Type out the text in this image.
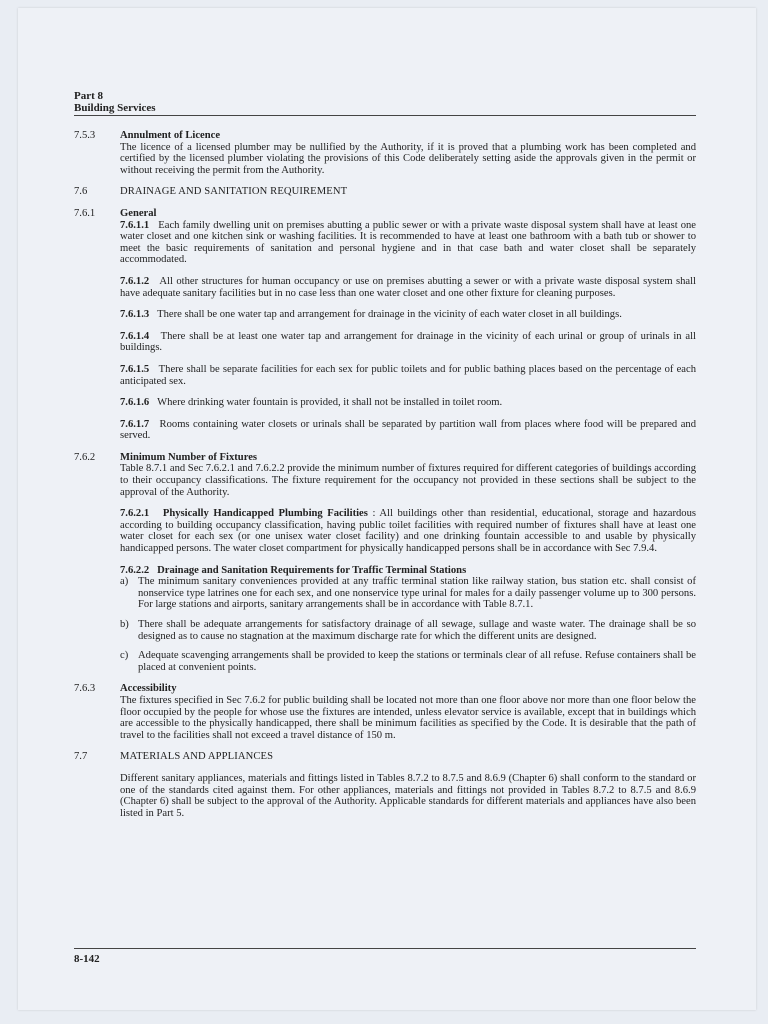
Part 8
Building Services
7.5.3	Annulment of Licence
The licence of a licensed plumber may be nullified by the Authority, if it is proved that a plumbing work has been completed and certified by the licensed plumber violating the provisions of this Code deliberately setting aside the approvals given in the permit or without receiving the permit from the Authority.
7.6	DRAINAGE AND SANITATION REQUIREMENT
7.6.1	General
7.6.1.1 Each family dwelling unit on premises abutting a public sewer or with a private waste disposal system shall have at least one water closet and one kitchen sink or washing facilities. It is recommended to have at least one bathroom with a bath tub or shower to meet the basic requirements of sanitation and personal hygiene and in that case bath and water closet shall be separately accommodated.
7.6.1.2 All other structures for human occupancy or use on premises abutting a sewer or with a private waste disposal system shall have adequate sanitary facilities but in no case less than one water closet and one other fixture for cleaning purposes.
7.6.1.3 There shall be one water tap and arrangement for drainage in the vicinity of each water closet in all buildings.
7.6.1.4 There shall be at least one water tap and arrangement for drainage in the vicinity of each urinal or group of urinals in all buildings.
7.6.1.5 There shall be separate facilities for each sex for public toilets and for public bathing places based on the percentage of each anticipated sex.
7.6.1.6 Where drinking water fountain is provided, it shall not be installed in toilet room.
7.6.1.7 Rooms containing water closets or urinals shall be separated by partition wall from places where food will be prepared and served.
7.6.2	Minimum Number of Fixtures
Table 8.7.1 and Sec 7.6.2.1 and 7.6.2.2 provide the minimum number of fixtures required for different categories of buildings according to their occupancy classifications. The fixture requirement for the occupancy not provided in these sections shall be subject to the approval of the Authority.
7.6.2.1 Physically Handicapped Plumbing Facilities : All buildings other than residential, educational, storage and hazardous according to building occupancy classification, having public toilet facilities with required number of fixtures shall have at least one water closet for each sex (or one unisex water closet facility) and one drinking fountain accessible to and usable by physically handicapped persons. The water closet compartment for physically handicapped persons shall be in accordance with Sec 7.9.4.
7.6.2.2 Drainage and Sanitation Requirements for Traffic Terminal Stations
a) The minimum sanitary conveniences provided at any traffic terminal station like railway station, bus station etc. shall consist of nonservice type latrines one for each sex, and one nonservice type urinal for males for a daily passenger volume up to 300 persons. For large stations and airports, sanitary arrangements shall be in accordance with Table 8.7.1.
b) There shall be adequate arrangements for satisfactory drainage of all sewage, sullage and waste water. The drainage shall be so designed as to cause no stagnation at the maximum discharge rate for which the different units are designed.
c) Adequate scavenging arrangements shall be provided to keep the stations or terminals clear of all refuse. Refuse containers shall be placed at convenient points.
7.6.3	Accessibility
The fixtures specified in Sec 7.6.2 for public building shall be located not more than one floor above nor more than one floor below the floor occupied by the people for whose use the fixtures are intended, unless elevator service is available, except that in buildings which are accessible to the physically handicapped, there shall be minimum facilities as specified by the Code. It is desirable that the path of travel to the facilities shall not exceed a travel distance of 150 m.
7.7	MATERIALS AND APPLIANCES
Different sanitary appliances, materials and fittings listed in Tables 8.7.2 to 8.7.5 and 8.6.9 (Chapter 6) shall conform to the standard or one of the standards cited against them. For other appliances, materials and fittings not provided in Tables 8.7.2 to 8.7.5 and 8.6.9 (Chapter 6) shall be subject to the approval of the Authority. Applicable standards for different materials and appliances have also been listed in Part 5.
8-142
